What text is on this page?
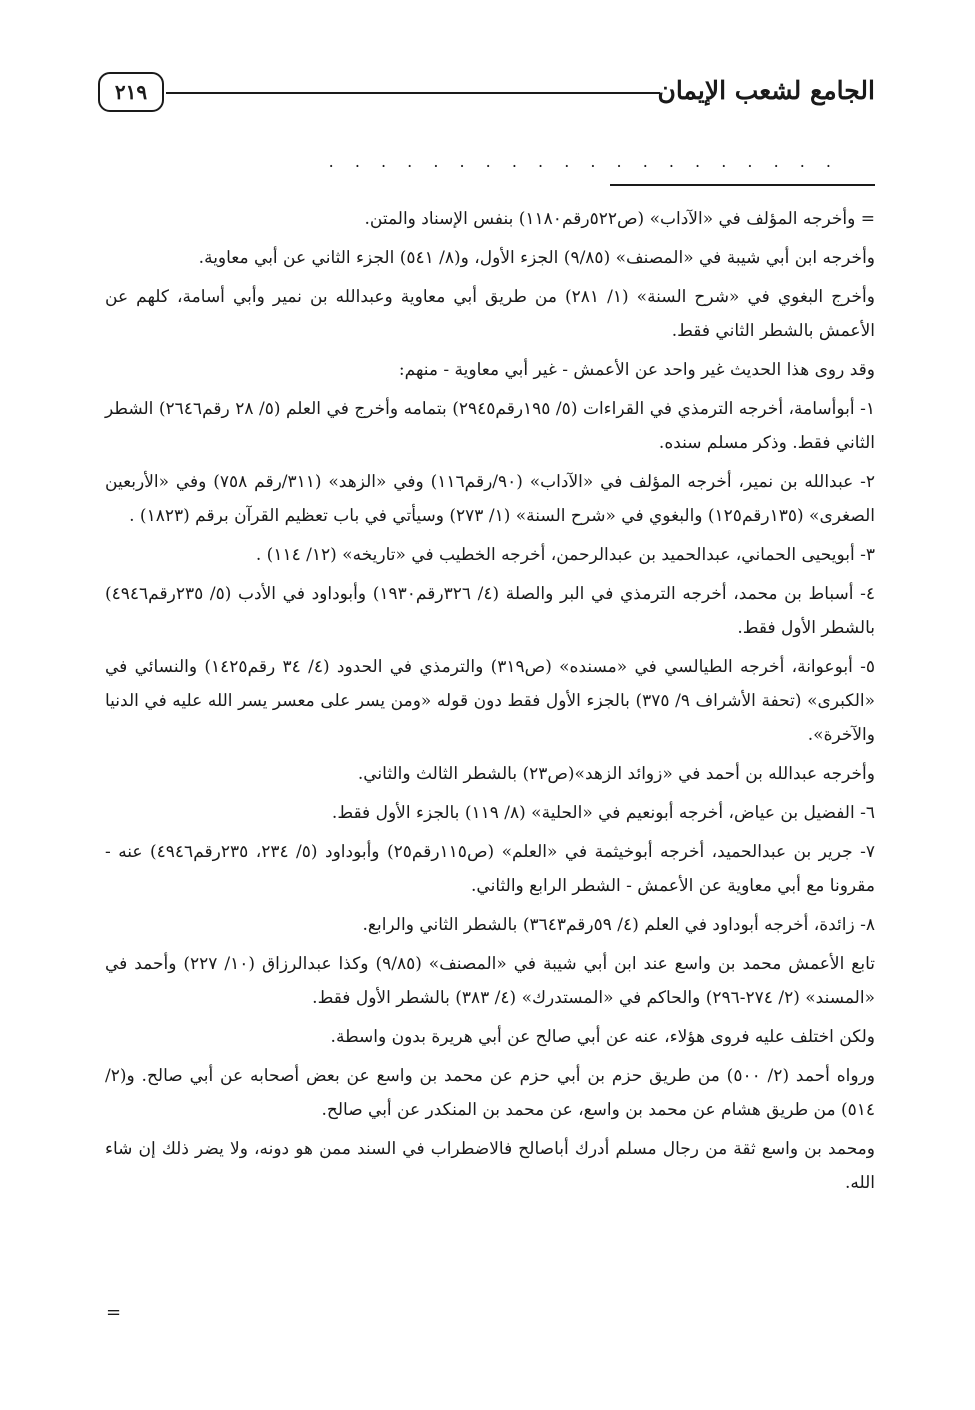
الجامع لشعب الإيمان
٢١٩
. . . . . . . . . . . . . . . . . . . .

= وأخرجه المؤلف في «الآداب» (ص٥٢٢رقم١١٨٠) بنفس الإسناد والمتن.

وأخرجه ابن أبي شيبة في «المصنف» (٩/٨٥) الجزء الأول، و(٨/ ٥٤١) الجزء الثاني عن أبي معاوية.

وأخرج البغوي في «شرح السنة» (١/ ٢٨١) من طريق أبي معاوية وعبدالله بن نمير وأبي أسامة، كلهم عن الأعمش بالشطر الثاني فقط.

وقد روى هذا الحديث غير واحد عن الأعمش - غير أبي معاوية - منهم:

١- أبوأسامة، أخرجه الترمذي في القراءات (٥/ ١٩٥رقم٢٩٤٥) بتمامه وأخرج في العلم (٥/ ٢٨ رقم٢٦٤٦) الشطر الثاني فقط. وذكر مسلم سنده.

٢- عبدالله بن نمير، أخرجه المؤلف في «الآداب» (٩٠/رقم١١٦) وفي «الزهد» (٣١١/رقم ٧٥٨) وفي «الأربعين الصغرى» (١٣٥رقم١٢٥) والبغوي في «شرح السنة» (١/ ٢٧٣) وسيأتي في باب تعظيم القرآن برقم (١٨٢٣) .

٣- أبويحيى الحماني، عبدالحميد بن عبدالرحمن، أخرجه الخطيب في «تاريخه» (١٢/ ١١٤) .

٤- أسباط بن محمد، أخرجه الترمذي في البر والصلة (٤/ ٣٢٦رقم١٩٣٠) وأبوداود في الأدب (٥/ ٢٣٥رقم٤٩٤٦) بالشطر الأول فقط.

٥- أبوعوانة، أخرجه الطيالسي في «مسنده» (ص٣١٩) والترمذي في الحدود (٤/ ٣٤ رقم١٤٢٥) والنسائي في «الكبرى» (تحفة الأشراف ٩/ ٣٧٥) بالجزء الأول فقط دون قوله «ومن يسر على معسر يسر الله عليه في الدنيا والآخرة».

وأخرجه عبدالله بن أحمد في «زوائد الزهد»(ص٢٣) بالشطر الثالث والثاني.

٦- الفضيل بن عياض، أخرجه أبونعيم في «الحلية» (٨/ ١١٩) بالجزء الأول فقط.

٧- جرير بن عبدالحميد، أخرجه أبوخيثمة في «العلم» (ص١١٥رقم٢٥) وأبوداود (٥/ ٢٣٤، ٢٣٥رقم٤٩٤٦) عنه - مقرونا مع أبي معاوية عن الأعمش - الشطر الرابع والثاني.

٨- زائدة، أخرجه أبوداود في العلم (٤/ ٥٩رقم٣٦٤٣) بالشطر الثاني والرابع.

تابع الأعمش محمد بن واسع عند ابن أبي شيبة في «المصنف» (٩/٨٥) وكذا عبدالرزاق (١٠/ ٢٢٧) وأحمد في «المسند» (٢/ ٢٧٤-٢٩٦) والحاكم في «المستدرك» (٤/ ٣٨٣) بالشطر الأول فقط.

ولكن اختلف عليه فروى هؤلاء، عنه عن أبي صالح عن أبي هريرة بدون واسطة.

ورواه أحمد (٢/ ٥٠٠) من طريق حزم بن أبي حزم عن محمد بن واسع عن بعض أصحابه عن أبي صالح. و(٢/ ٥١٤) من طريق هشام عن محمد بن واسع، عن محمد بن المنكدر عن أبي صالح.

ومحمد بن واسع ثقة من رجال مسلم أدرك أباصالح فالاضطراب في السند ممن هو دونه، ولا يضر ذلك إن شاء الله.

=
